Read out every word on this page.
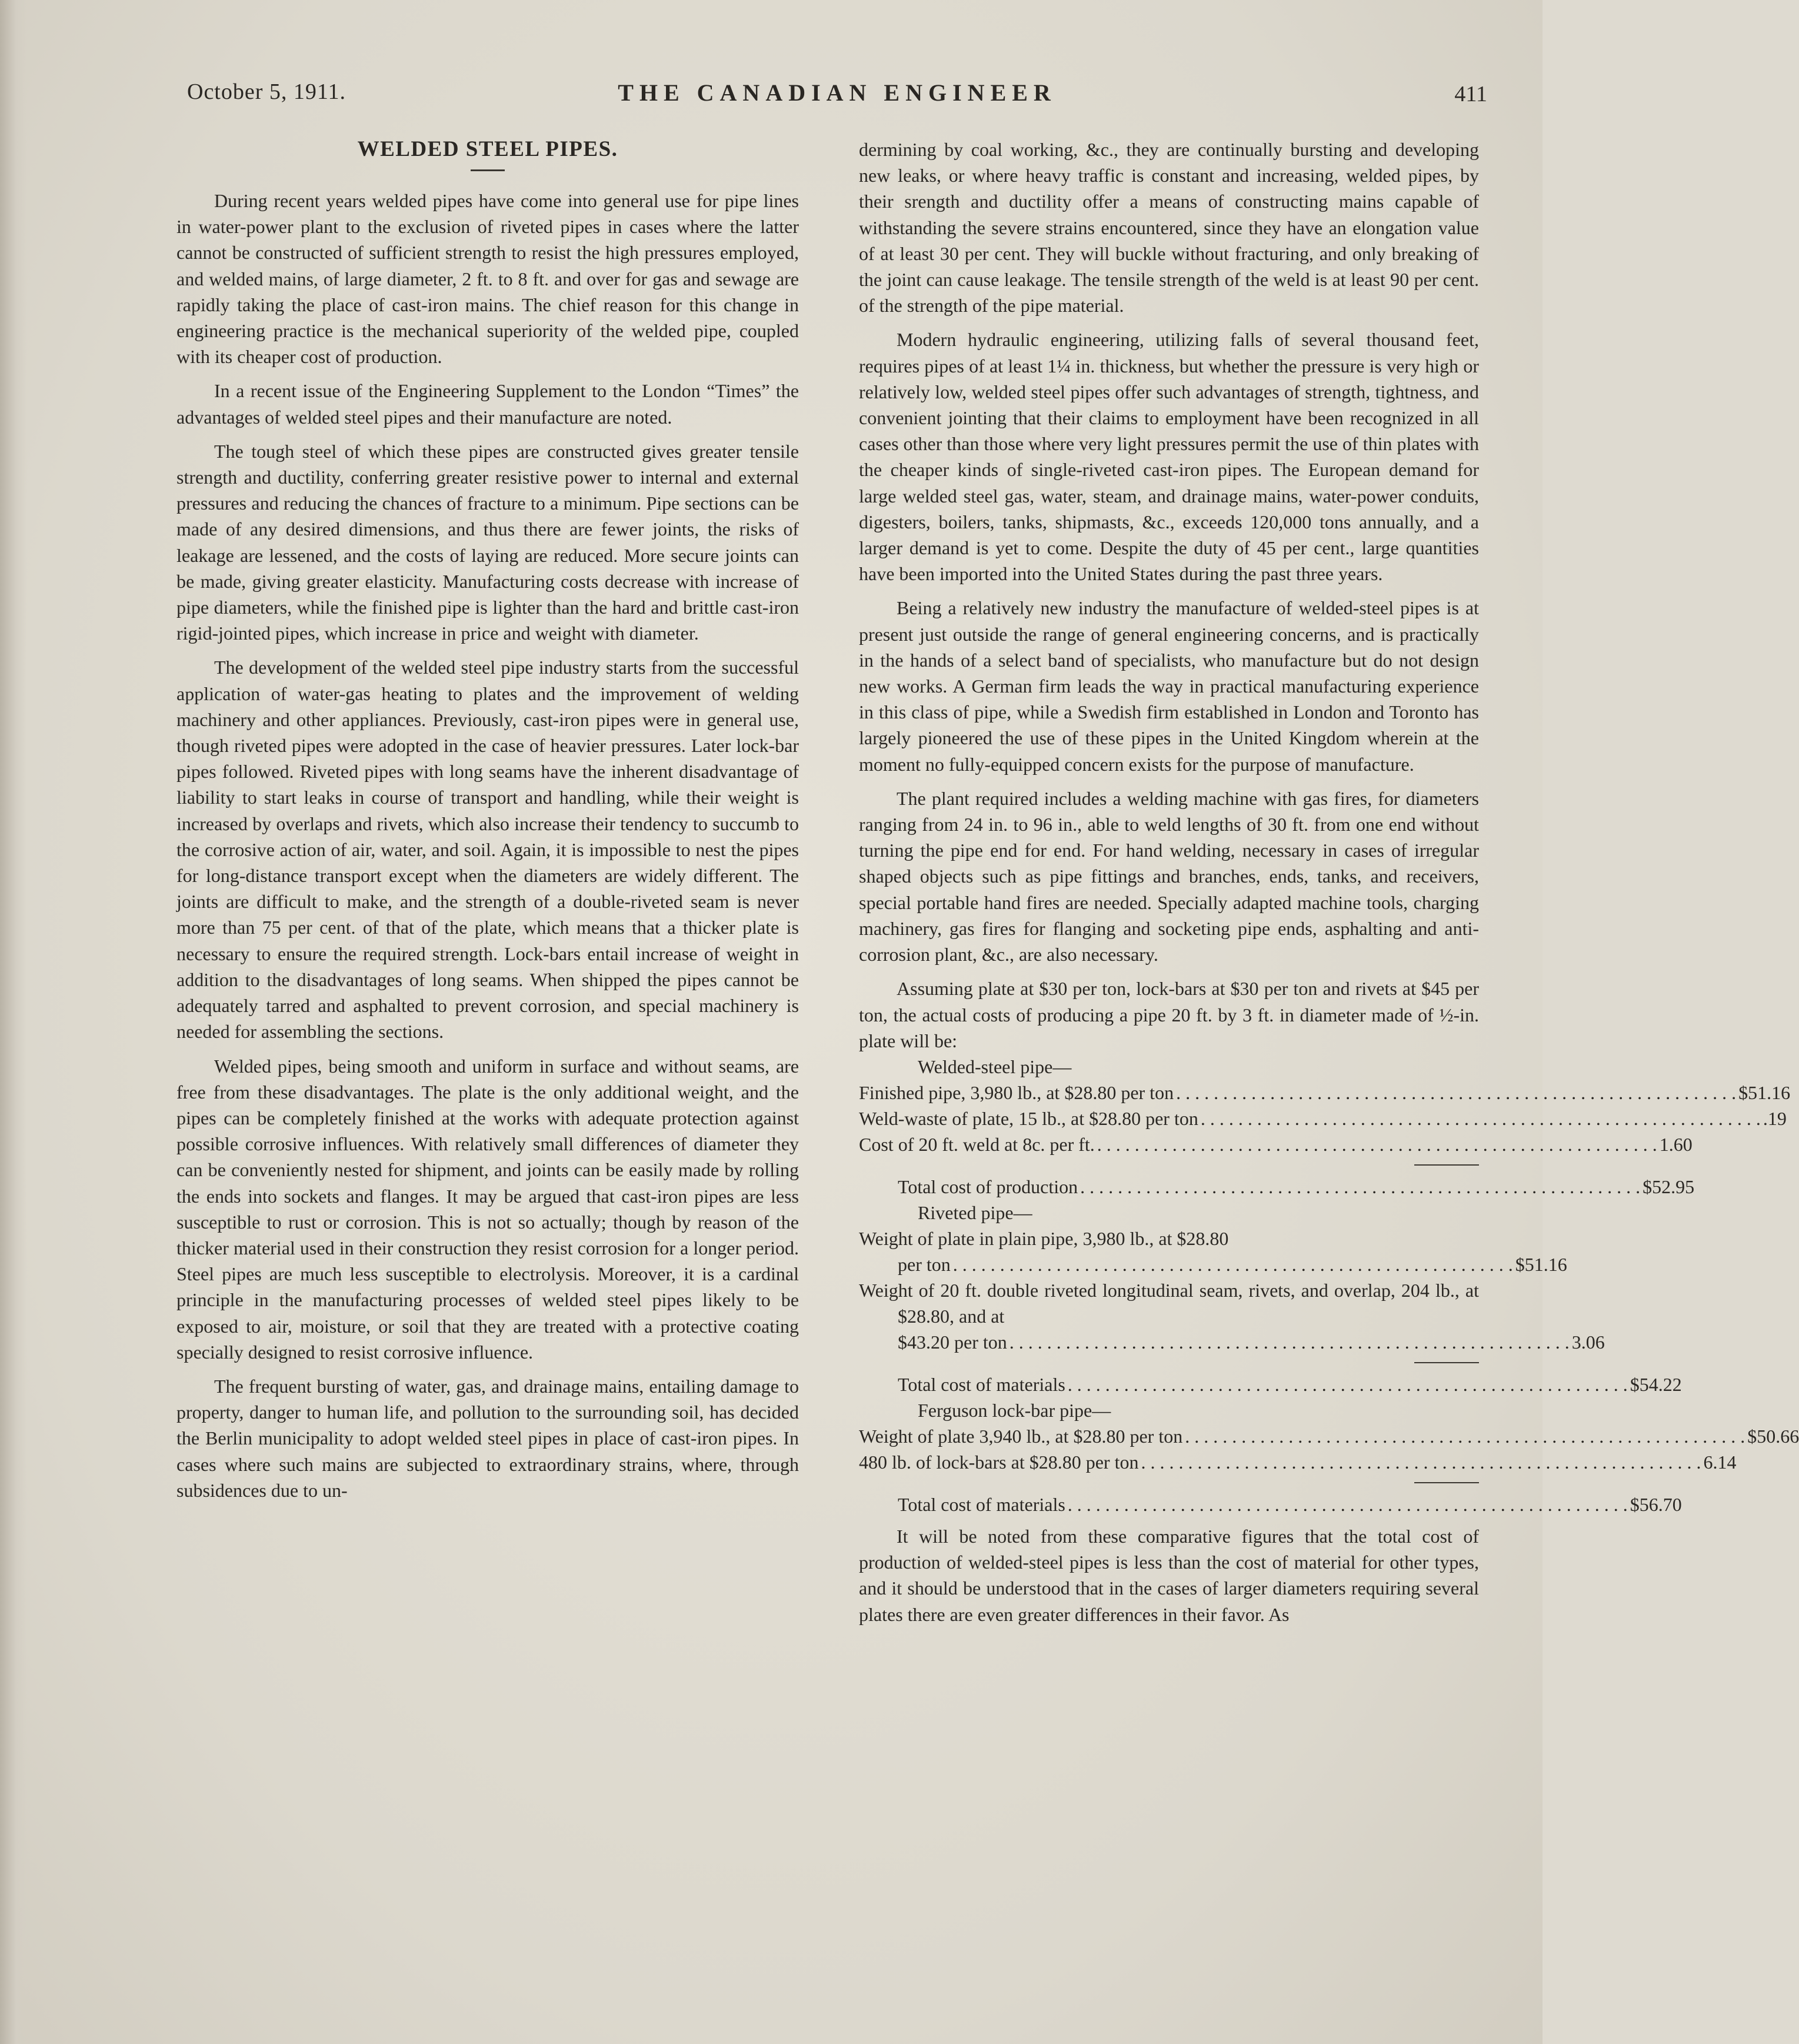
October 5, 1911.	THE CANADIAN ENGINEER	411
WELDED STEEL PIPES.

During recent years welded pipes have come into general use for pipe lines in water-power plant to the exclusion of riveted pipes in cases where the latter cannot be constructed of sufficient strength to resist the high pressures employed, and welded mains, of large diameter, 2 ft. to 8 ft. and over for gas and sewage are rapidly taking the place of cast-iron mains. The chief reason for this change in engineering practice is the mechanical superiority of the welded pipe, coupled with its cheaper cost of production.

In a recent issue of the Engineering Supplement to the London “Times” the advantages of welded steel pipes and their manufacture are noted.

The tough steel of which these pipes are constructed gives greater tensile strength and ductility, conferring greater resistive power to internal and external pressures and reducing the chances of fracture to a minimum. Pipe sections can be made of any desired dimensions, and thus there are fewer joints, the risks of leakage are lessened, and the costs of laying are reduced. More secure joints can be made, giving greater elasticity. Manufacturing costs decrease with increase of pipe diameters, while the finished pipe is lighter than the hard and brittle cast-iron rigid-jointed pipes, which increase in price and weight with diameter.

The development of the welded steel pipe industry starts from the successful application of water-gas heating to plates and the improvement of welding machinery and other appliances. Previously, cast-iron pipes were in general use, though riveted pipes were adopted in the case of heavier pressures. Later lock-bar pipes followed. Riveted pipes with long seams have the inherent disadvantage of liability to start leaks in course of transport and handling, while their weight is increased by overlaps and rivets, which also increase their tendency to succumb to the corrosive action of air, water, and soil. Again, it is impossible to nest the pipes for long-distance transport except when the diameters are widely different. The joints are difficult to make, and the strength of a double-riveted seam is never more than 75 per cent. of that of the plate, which means that a thicker plate is necessary to ensure the required strength. Lock-bars entail increase of weight in addition to the disadvantages of long seams. When shipped the pipes cannot be adequately tarred and asphalted to prevent corrosion, and special machinery is needed for assembling the sections.

Welded pipes, being smooth and uniform in surface and without seams, are free from these disadvantages. The plate is the only additional weight, and the pipes can be completely finished at the works with adequate protection against possible corrosive influences. With relatively small differences of diameter they can be conveniently nested for shipment, and joints can be easily made by rolling the ends into sockets and flanges. It may be argued that cast-iron pipes are less susceptible to rust or corrosion. This is not so actually; though by reason of the thicker material used in their construction they resist corrosion for a longer period. Steel pipes are much less susceptible to electrolysis. Moreover, it is a cardinal principle in the manufacturing processes of welded steel pipes likely to be exposed to air, moisture, or soil that they are treated with a protective coating specially designed to resist corrosive influence.

The frequent bursting of water, gas, and drainage mains, entailing damage to property, danger to human life, and pollution to the surrounding soil, has decided the Berlin municipality to adopt welded steel pipes in place of cast-iron pipes. In cases where such mains are subjected to extraordinary strains, where, through subsidences due to un-

dermining by coal working, &c., they are continually bursting and developing new leaks, or where heavy traffic is constant and increasing, welded pipes, by their srength and ductility offer a means of constructing mains capable of withstanding the severe strains encountered, since they have an elongation value of at least 30 per cent. They will buckle without fracturing, and only breaking of the joint can cause leakage. The tensile strength of the weld is at least 90 per cent. of the strength of the pipe material.

Modern hydraulic engineering, utilizing falls of several thousand feet, requires pipes of at least 1¼ in. thickness, but whether the pressure is very high or relatively low, welded steel pipes offer such advantages of strength, tightness, and convenient jointing that their claims to employment have been recognized in all cases other than those where very light pressures permit the use of thin plates with the cheaper kinds of single-riveted cast-iron pipes. The European demand for large welded steel gas, water, steam, and drainage mains, water-power conduits, digesters, boilers, tanks, shipmasts, &c., exceeds 120,000 tons annually, and a larger demand is yet to come. Despite the duty of 45 per cent., large quantities have been imported into the United States during the past three years.

Being a relatively new industry the manufacture of welded-steel pipes is at present just outside the range of general engineering concerns, and is practically in the hands of a select band of specialists, who manufacture but do not design new works. A German firm leads the way in practical manufacturing experience in this class of pipe, while a Swedish firm established in London and Toronto has largely pioneered the use of these pipes in the United Kingdom wherein at the moment no fully-equipped concern exists for the purpose of manufacture.

The plant required includes a welding machine with gas fires, for diameters ranging from 24 in. to 96 in., able to weld lengths of 30 ft. from one end without turning the pipe end for end. For hand welding, necessary in cases of irregular shaped objects such as pipe fittings and branches, ends, tanks, and receivers, special portable hand fires are needed. Specially adapted machine tools, charging machinery, gas fires for flanging and socketing pipe ends, asphalting and anti-corrosion plant, &c., are also necessary.

Assuming plate at $30 per ton, lock-bars at $30 per ton and rivets at $45 per ton, the actual costs of producing a pipe 20 ft. by 3 ft. in diameter made of ½-in. plate will be:

Welded-steel pipe—
Finished pipe, 3,980 lb., at $28.80 per ton . . . . . . . . . . . . . . . . . . . . . . . . . . . . . . . . . . . . . . . . . . . . . . . . . . . . . . . . . . . . $51.16
Weld-waste of plate, 15 lb., at $28.80 per ton . . . . . . . . . . . . . . . . . . . . . . . . . . . . . . . . . . . . . . . . . . . . . . . . . . . . . . . . . . . . .19
Cost of 20 ft. weld at 8c. per ft. . . . . . . . . . . . . . . . . . . . . . . . . . . . . . . . . . . . . . . . . . . . . . . . . . . . . . . . . . . . . 1.60
Total cost of production . . . . . . . . . . . . . . . . . . . . . . . . . . . . . . . . . . . . . . . . . . . . . . . . . . . . . . . . . . . . $52.95
Riveted pipe—
Weight of plate in plain pipe, 3,980 lb., at $28.80
per ton . . . . . . . . . . . . . . . . . . . . . . . . . . . . . . . . . . . . . . . . . . . . . . . . . . . . . . . . . . . . $51.16
Weight of 20 ft. double riveted longitudinal seam, rivets, and overlap, 204 lb., at $28.80, and at
$43.20 per ton . . . . . . . . . . . . . . . . . . . . . . . . . . . . . . . . . . . . . . . . . . . . . . . . . . . . . . . . . . . . 3.06
Total cost of materials . . . . . . . . . . . . . . . . . . . . . . . . . . . . . . . . . . . . . . . . . . . . . . . . . . . . . . . . . . . . $54.22
Ferguson lock-bar pipe—
Weight of plate 3,940 lb., at $28.80 per ton . . . . . . . . . . . . . . . . . . . . . . . . . . . . . . . . . . . . . . . . . . . . . . . . . . . . . . . . . . . . $50.66
480 lb. of lock-bars at $28.80 per ton . . . . . . . . . . . . . . . . . . . . . . . . . . . . . . . . . . . . . . . . . . . . . . . . . . . . . . . . . . . . 6.14
Total cost of materials . . . . . . . . . . . . . . . . . . . . . . . . . . . . . . . . . . . . . . . . . . . . . . . . . . . . . . . . . . . . $56.70

It will be noted from these comparative figures that the total cost of production of welded-steel pipes is less than the cost of material for other types, and it should be understood that in the cases of larger diameters requiring several plates there are even greater differences in their favor. As
